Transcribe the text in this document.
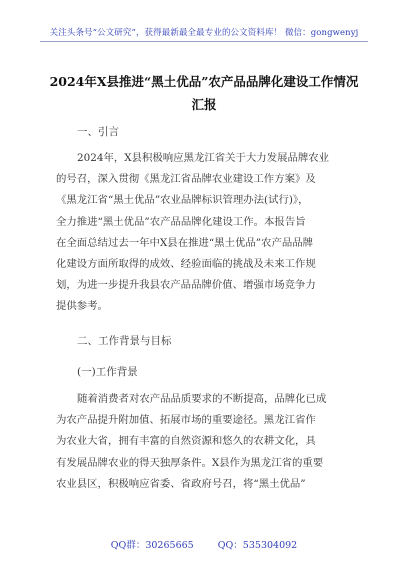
关注头条号“公文研究”，获得最新最全最专业的公文资料库！ 微信：gongwenyj
2024年X县推进“黑土优品”农产品品牌化建设工作情况
汇报
一、引言

2024年，X县积极响应黑龙江省关于大力发展品牌农业

的号召，深入贯彻《黑龙江省品牌农业建设工作方案》及

《黑龙江省“黑土优品”农业品牌标识管理办法(试行)》，

全力推进“黑土优品”农产品品牌化建设工作。本报告旨

在全面总结过去一年中X县在推进“黑土优品”农产品品牌

化建设方面所取得的成效、经验面临的挑战及未来工作规

划，为进一步提升我县农产品品牌价值、增强市场竞争力

提供参考。

二、工作背景与目标
(一)工作背景

随着消费者对农产品品质要求的不断提高，品牌化已成

为农产品提升附加值、拓展市场的重要途径。黑龙江省作

为农业大省，拥有丰富的自然资源和悠久的农耕文化，具

有发展品牌农业的得天独厚条件。X县作为黑龙江省的重要

农业县区，积极响应省委、省政府号召，将“黑土优品”

QQ群：30265665	QQ：535304092
